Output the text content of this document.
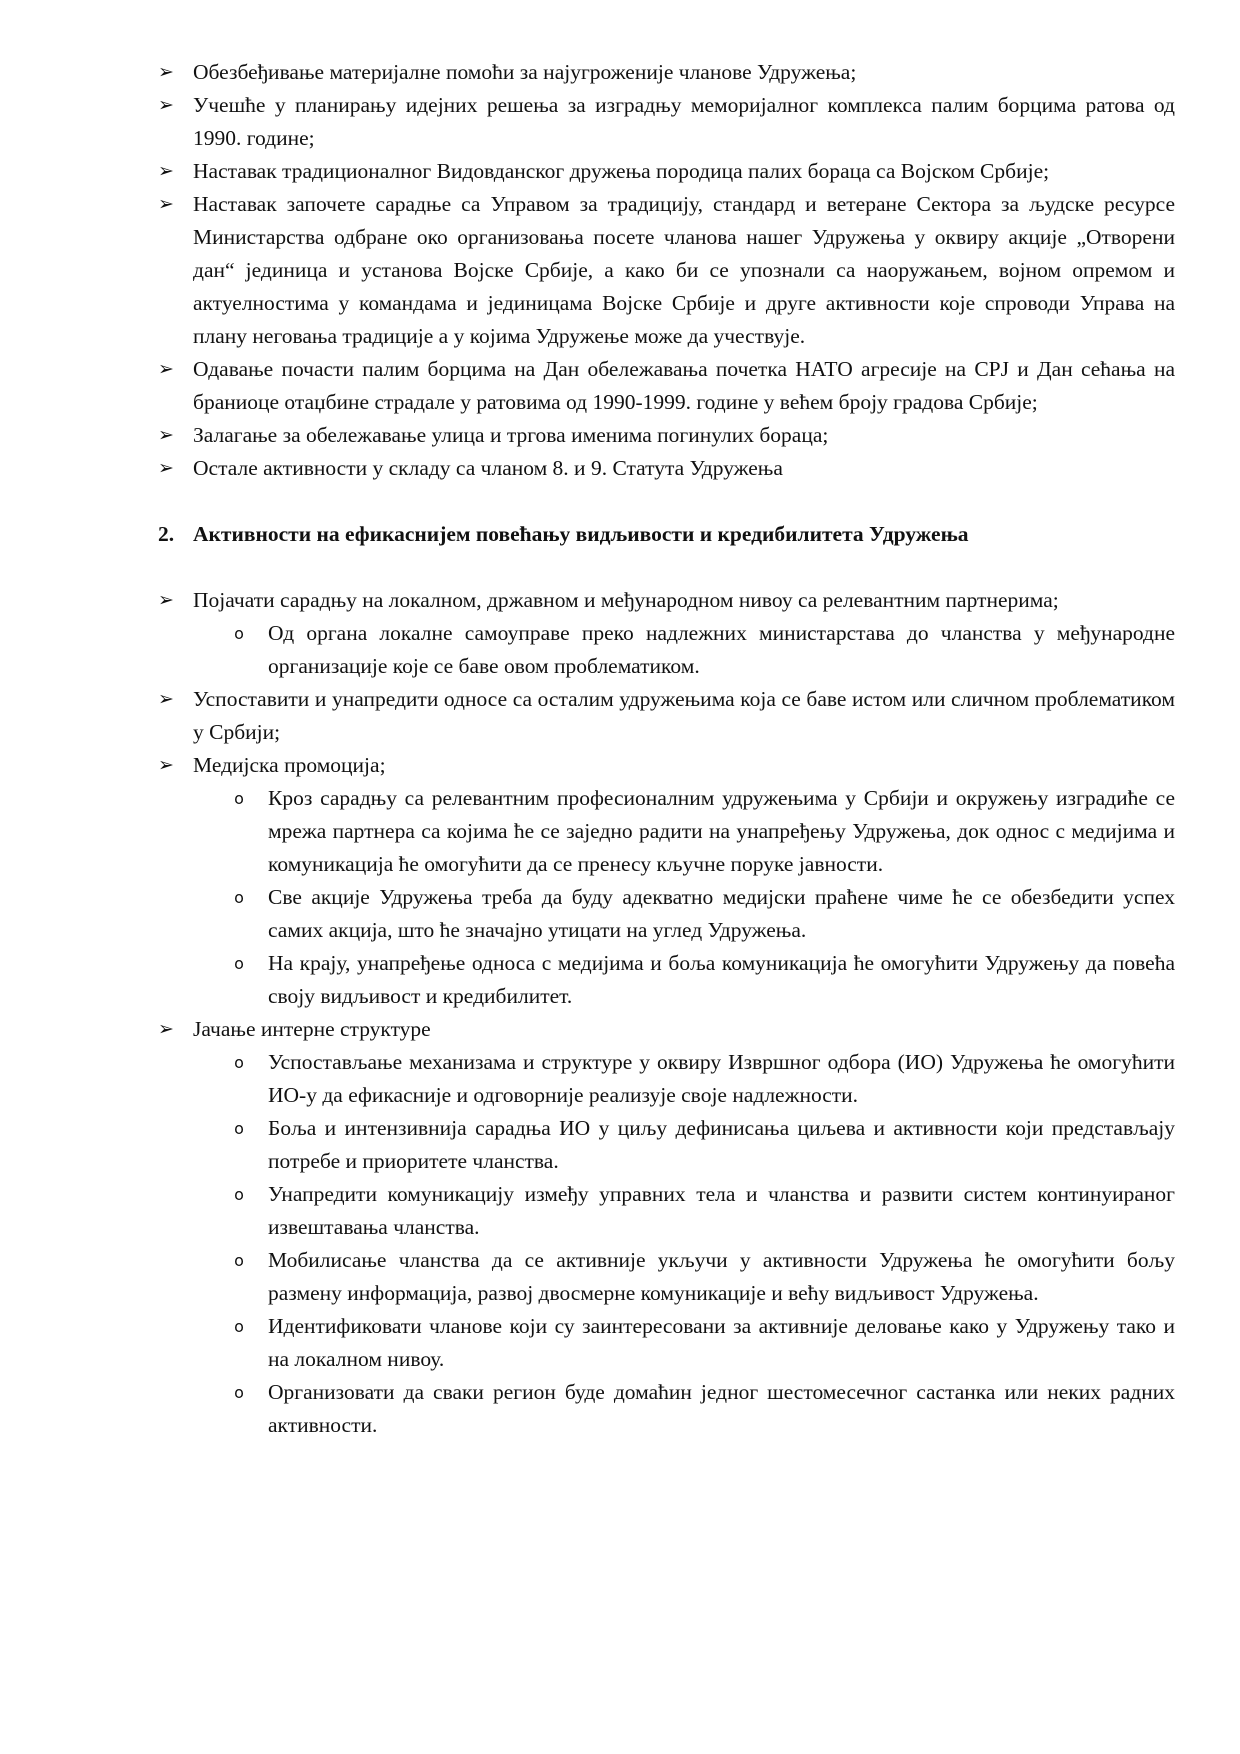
➢ Обезбеђивање материјалне помоћи за најугроженије чланове Удружења;
➢ Учешће у планирању идејних решења за изградњу меморијалног комплекса палим борцима ратова од 1990. године;
➢ Наставак традиционалног Видовданског дружења породица палих бораца са Војском Србије;
➢ Наставак започете сарадње са Управом за традицију, стандард и ветеране Сектора за људске ресурсе Министарства одбране око организовања посете чланова нашег Удружења у оквиру акције „Отворени дан“ јединица и установа Војске Србије, а како би се упознали са наоружањем, војном опремом и актуелностима у командама и јединицама Војске Србије и друге активности које спроводи Управа на плану неговања традиције а у којима Удружење може да учествује.
➢ Одавање почасти палим борцима на Дан обележавања почетка НАТО агресије на СРЈ и Дан сећања на браниоце отаџбине страдале у ратовима од 1990-1999. године у већем броју градова Србије;
➢ Залагање за обележавање улица и тргова именима погинулих бораца;
➢ Остале активности у складу са чланом 8. и 9. Статута Удружења
2. Активности на ефикаснијем повећању видљивости и кредибилитета Удружења
➢ Појачати сарадњу на локалном, државном и међународном нивоу са релевантним партнерима;
o Од органа локалне самоуправе преко надлежних министарстава до чланства у међународне организације које се баве овом проблематиком.
➢ Успоставити и унапредити односе са осталим удружењима која се баве истом или сличном проблематиком у Србији;
➢ Медијска промоција;
o Кроз сарадњу са релевантним професионалним удружењима у Србији и окружењу изградиће се мрежа партнера са којима ће се заједно радити на унапређењу Удружења, док однос с медијима и комуникација ће омогућити да се пренесу кључне поруке јавности.
o Све акције Удружења треба да буду адекватно медијски праћене чиме ће се обезбедити успех самих акција, што ће значајно утицати на углед Удружења.
o На крају, унапређење односа с медијима и боља комуникација ће омогућити Удружењу да повећа своју видљивост и кредибилитет.
➢ Јачање интерне структуре
o Успостављање механизама и структуре у оквиру Извршног одбора (ИО) Удружења ће омогућити ИО-у да ефикасније и одговорније реализује своје надлежности.
o Боља и интензивнија сарадња ИО у циљу дефинисања циљева и активности који представљају потребе и приоритете чланства.
o Унапредити комуникацију између управних тела и чланства и развити систем континуираног извештавања чланства.
o Мобилисање чланства да се активније укључи у активности Удружења ће омогућити бољу размену информација, развој двосмерне комуникације и већу видљивост Удружења.
o Идентификовати чланове који су заинтересовани за активније деловање како у Удружењу тако и на локалном нивоу.
o Организовати да сваки регион буде домаћин једног шестомесечног састанка или неких радних активности.
